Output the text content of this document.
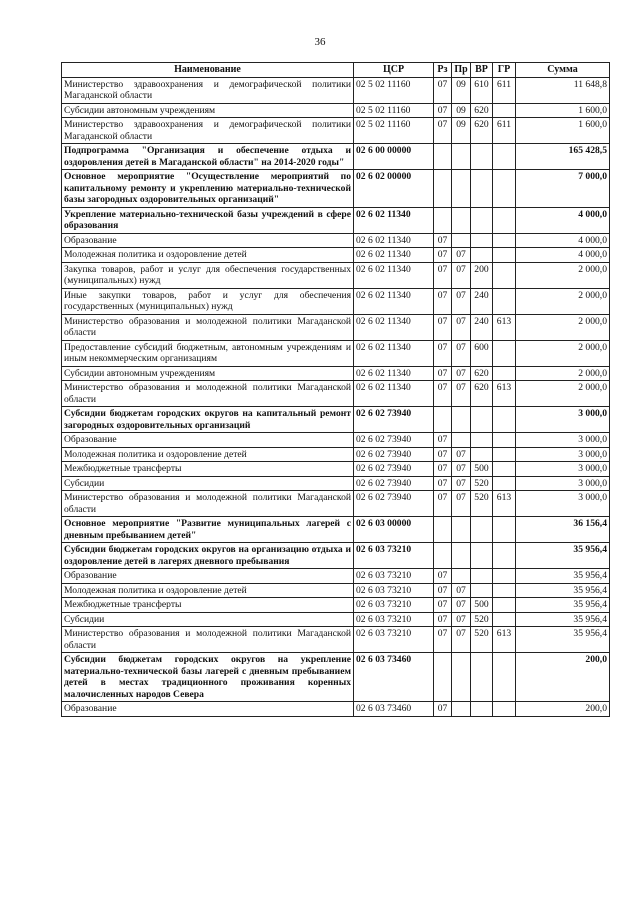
36
Наименование	ЦСР	Рз	Пр	ВР	ГР	Сумма
Министерство здравоохранения и демографической политики Магаданской области	02 5 02 11160	07	09	610	611	11 648,8
Субсидии автономным учреждениям	02 5 02 11160	07	09	620		1 600,0
Министерство здравоохранения и демографической политики Магаданской области	02 5 02 11160	07	09	620	611	1 600,0
Подпрограмма "Организация и обеспечение отдыха и оздоровления детей в Магаданской области" на 2014-2020 годы"	02 6 00 00000					165 428,5
Основное мероприятие "Осуществление мероприятий по капитальному ремонту и укреплению материально-технической базы загородных оздоровительных организаций"	02 6 02 00000					7 000,0
Укрепление материально-технической базы учреждений в сфере образования	02 6 02 11340					4 000,0
Образование	02 6 02 11340	07				4 000,0
Молодежная политика и оздоровление детей	02 6 02 11340	07	07			4 000,0
Закупка товаров, работ и услуг для обеспечения государственных (муниципальных) нужд	02 6 02 11340	07	07	200		2 000,0
Иные закупки товаров, работ и услуг для обеспечения государственных (муниципальных) нужд	02 6 02 11340	07	07	240		2 000,0
Министерство образования и молодежной политики Магаданской области	02 6 02 11340	07	07	240	613	2 000,0
Предоставление субсидий бюджетным, автономным учреждениям и иным некоммерческим организациям	02 6 02 11340	07	07	600		2 000,0
Субсидии автономным учреждениям	02 6 02 11340	07	07	620		2 000,0
Министерство образования и молодежной политики Магаданской области	02 6 02 11340	07	07	620	613	2 000,0
Субсидии бюджетам городских округов на капитальный ремонт загородных оздоровительных организаций	02 6 02 73940					3 000,0
Образование	02 6 02 73940	07				3 000,0
Молодежная политика и оздоровление детей	02 6 02 73940	07	07			3 000,0
Межбюджетные трансферты	02 6 02 73940	07	07	500		3 000,0
Субсидии	02 6 02 73940	07	07	520		3 000,0
Министерство образования и молодежной политики Магаданской области	02 6 02 73940	07	07	520	613	3 000,0
Основное мероприятие "Развитие муниципальных лагерей с дневным пребыванием детей"	02 6 03 00000					36 156,4
Субсидии бюджетам городских округов на организацию отдыха и оздоровление детей в лагерях дневного пребывания	02 6 03 73210					35 956,4
Образование	02 6 03 73210	07				35 956,4
Молодежная политика и оздоровление детей	02 6 03 73210	07	07			35 956,4
Межбюджетные трансферты	02 6 03 73210	07	07	500		35 956,4
Субсидии	02 6 03 73210	07	07	520		35 956,4
Министерство образования и молодежной политики Магаданской области	02 6 03 73210	07	07	520	613	35 956,4
Субсидии бюджетам городских округов на укрепление материально-технической базы лагерей с дневным пребыванием детей в местах традиционного проживания коренных малочисленных народов Севера	02 6 03 73460					200,0
Образование	02 6 03 73460	07				200,0
